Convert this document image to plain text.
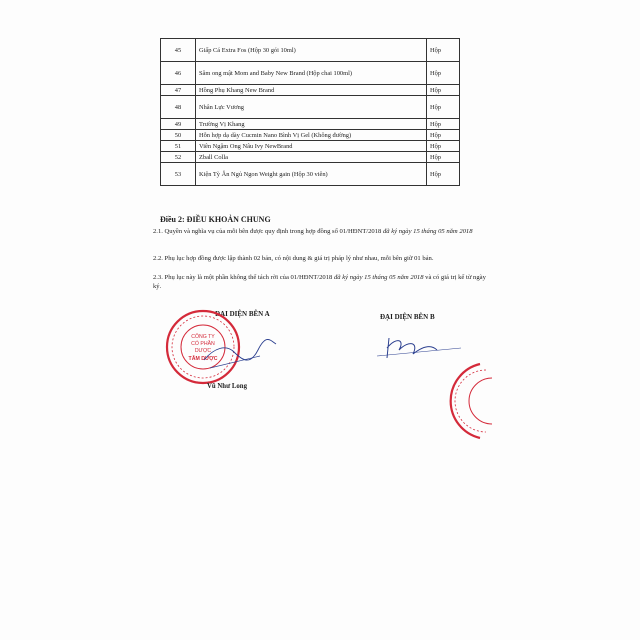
45	Giấp Cá Extra Fos (Hộp 30 gói 10ml)	Hộp
46	Sâm ong mật Mom and Baby New Brand (Hộp chai 100ml)	Hộp
47	Hồng Phụ Khang New Brand	Hộp
48	Nhân Lực Vương	Hộp
49	Trường Vị Khang	Hộp
50	Hỗn hợp dạ dày Cucmin Nano Bình Vị Gel (Không đường)	Hộp
51	Viên Ngậm Ong Nâu Ivy NewBrand	Hộp
52	Zball Colla	Hộp
53	Kiện Tỳ Ăn Ngủ Ngon Weight gain (Hộp 30 viên)	Hộp
Điều 2: ĐIỀU KHOẢN CHUNG
2.1. Quyền và nghĩa vụ của mỗi bên được quy định trong hợp đồng số 01/HĐNT/2018 đã ký ngày 15 tháng 05 năm 2018
2.2. Phụ lục hợp đồng được lập thành 02 bản, có nội dung & giá trị pháp lý như nhau, mỗi bên giữ 01 bản.
2.3. Phụ lục này là một phần không thể tách rời của 01/HĐNT/2018 đã ký ngày 15 tháng 05 năm 2018 và có giá trị kể từ ngày ký.
ĐẠI DIỆN BÊN A	ĐẠI DIỆN BÊN B
CÔNG TY
CỔ PHẦN
DƯỢC
TÂM DƯỢC
Vũ Như Long
